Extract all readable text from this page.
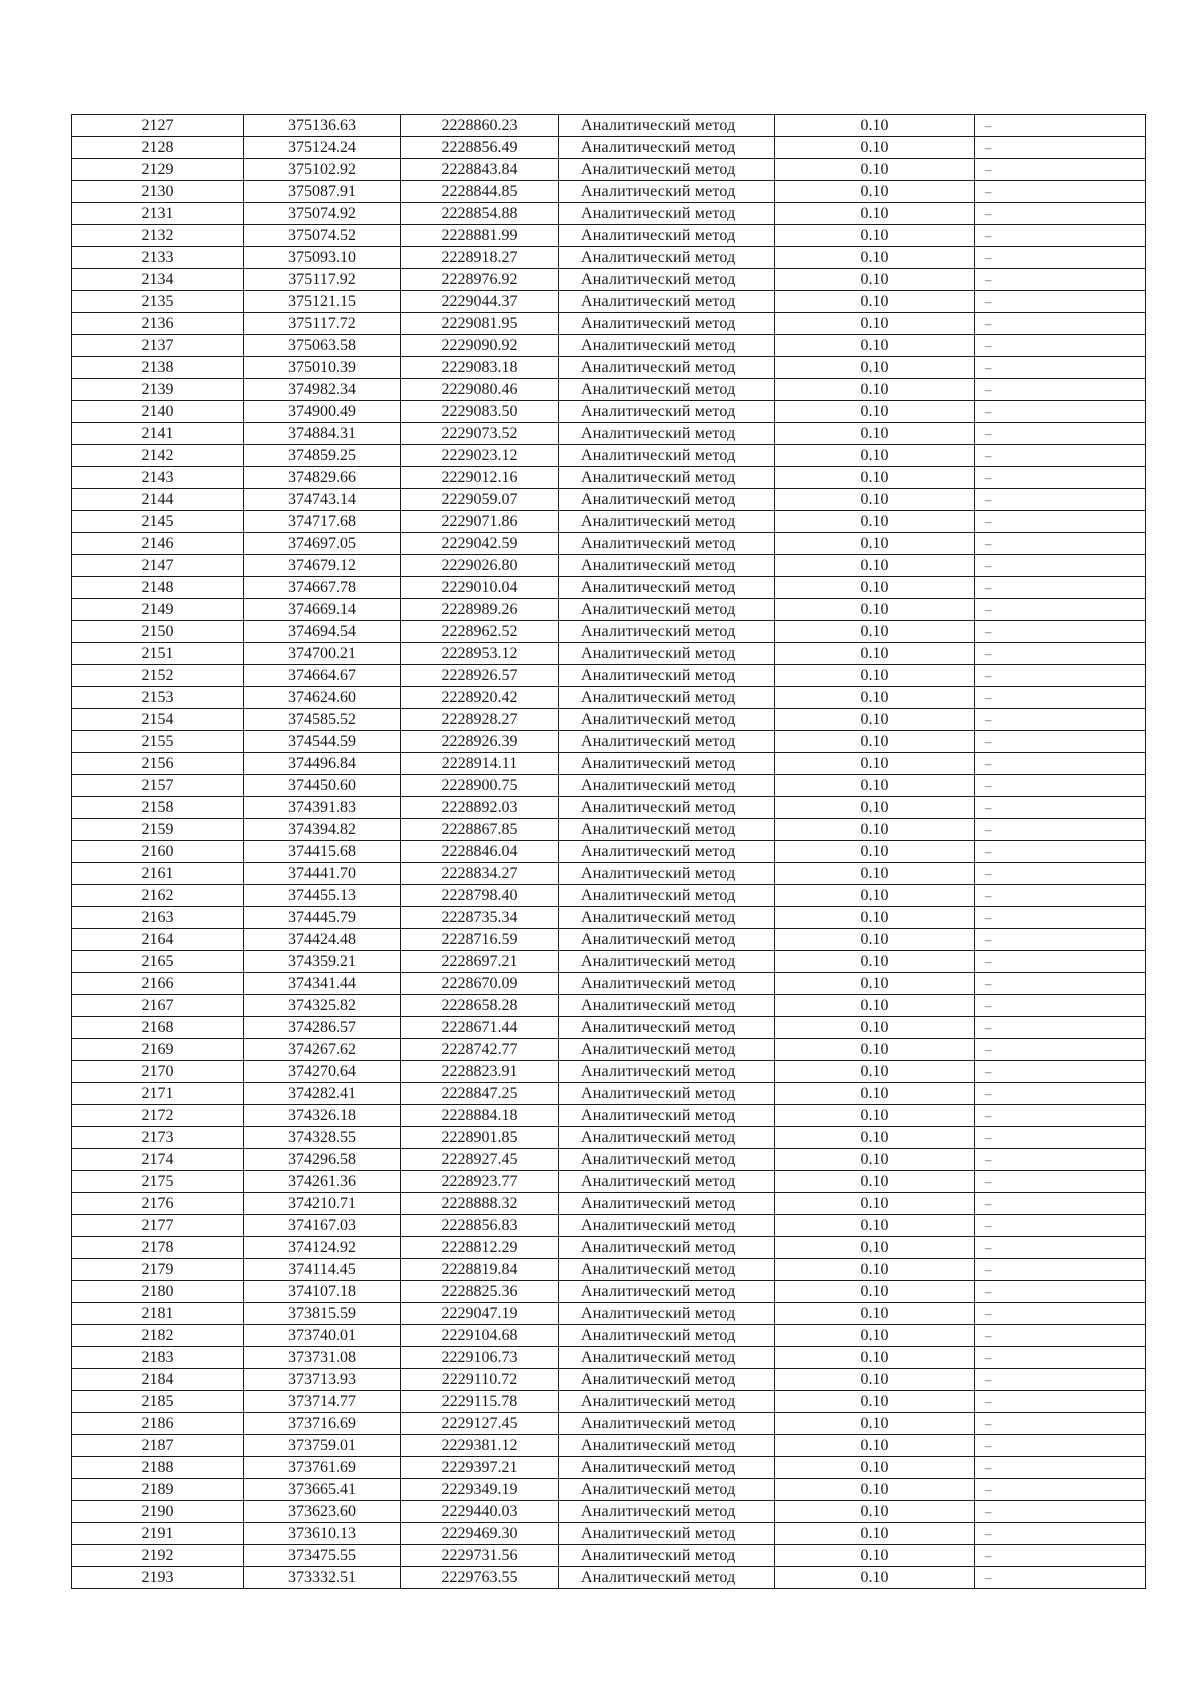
2127	375136.63	2228860.23	Аналитический метод	0.10	–
2128	375124.24	2228856.49	Аналитический метод	0.10	–
2129	375102.92	2228843.84	Аналитический метод	0.10	–
2130	375087.91	2228844.85	Аналитический метод	0.10	–
2131	375074.92	2228854.88	Аналитический метод	0.10	–
2132	375074.52	2228881.99	Аналитический метод	0.10	–
2133	375093.10	2228918.27	Аналитический метод	0.10	–
2134	375117.92	2228976.92	Аналитический метод	0.10	–
2135	375121.15	2229044.37	Аналитический метод	0.10	–
2136	375117.72	2229081.95	Аналитический метод	0.10	–
2137	375063.58	2229090.92	Аналитический метод	0.10	–
2138	375010.39	2229083.18	Аналитический метод	0.10	–
2139	374982.34	2229080.46	Аналитический метод	0.10	–
2140	374900.49	2229083.50	Аналитический метод	0.10	–
2141	374884.31	2229073.52	Аналитический метод	0.10	–
2142	374859.25	2229023.12	Аналитический метод	0.10	–
2143	374829.66	2229012.16	Аналитический метод	0.10	–
2144	374743.14	2229059.07	Аналитический метод	0.10	–
2145	374717.68	2229071.86	Аналитический метод	0.10	–
2146	374697.05	2229042.59	Аналитический метод	0.10	–
2147	374679.12	2229026.80	Аналитический метод	0.10	–
2148	374667.78	2229010.04	Аналитический метод	0.10	–
2149	374669.14	2228989.26	Аналитический метод	0.10	–
2150	374694.54	2228962.52	Аналитический метод	0.10	–
2151	374700.21	2228953.12	Аналитический метод	0.10	–
2152	374664.67	2228926.57	Аналитический метод	0.10	–
2153	374624.60	2228920.42	Аналитический метод	0.10	–
2154	374585.52	2228928.27	Аналитический метод	0.10	–
2155	374544.59	2228926.39	Аналитический метод	0.10	–
2156	374496.84	2228914.11	Аналитический метод	0.10	–
2157	374450.60	2228900.75	Аналитический метод	0.10	–
2158	374391.83	2228892.03	Аналитический метод	0.10	–
2159	374394.82	2228867.85	Аналитический метод	0.10	–
2160	374415.68	2228846.04	Аналитический метод	0.10	–
2161	374441.70	2228834.27	Аналитический метод	0.10	–
2162	374455.13	2228798.40	Аналитический метод	0.10	–
2163	374445.79	2228735.34	Аналитический метод	0.10	–
2164	374424.48	2228716.59	Аналитический метод	0.10	–
2165	374359.21	2228697.21	Аналитический метод	0.10	–
2166	374341.44	2228670.09	Аналитический метод	0.10	–
2167	374325.82	2228658.28	Аналитический метод	0.10	–
2168	374286.57	2228671.44	Аналитический метод	0.10	–
2169	374267.62	2228742.77	Аналитический метод	0.10	–
2170	374270.64	2228823.91	Аналитический метод	0.10	–
2171	374282.41	2228847.25	Аналитический метод	0.10	–
2172	374326.18	2228884.18	Аналитический метод	0.10	–
2173	374328.55	2228901.85	Аналитический метод	0.10	–
2174	374296.58	2228927.45	Аналитический метод	0.10	–
2175	374261.36	2228923.77	Аналитический метод	0.10	–
2176	374210.71	2228888.32	Аналитический метод	0.10	–
2177	374167.03	2228856.83	Аналитический метод	0.10	–
2178	374124.92	2228812.29	Аналитический метод	0.10	–
2179	374114.45	2228819.84	Аналитический метод	0.10	–
2180	374107.18	2228825.36	Аналитический метод	0.10	–
2181	373815.59	2229047.19	Аналитический метод	0.10	–
2182	373740.01	2229104.68	Аналитический метод	0.10	–
2183	373731.08	2229106.73	Аналитический метод	0.10	–
2184	373713.93	2229110.72	Аналитический метод	0.10	–
2185	373714.77	2229115.78	Аналитический метод	0.10	–
2186	373716.69	2229127.45	Аналитический метод	0.10	–
2187	373759.01	2229381.12	Аналитический метод	0.10	–
2188	373761.69	2229397.21	Аналитический метод	0.10	–
2189	373665.41	2229349.19	Аналитический метод	0.10	–
2190	373623.60	2229440.03	Аналитический метод	0.10	–
2191	373610.13	2229469.30	Аналитический метод	0.10	–
2192	373475.55	2229731.56	Аналитический метод	0.10	–
2193	373332.51	2229763.55	Аналитический метод	0.10	–
